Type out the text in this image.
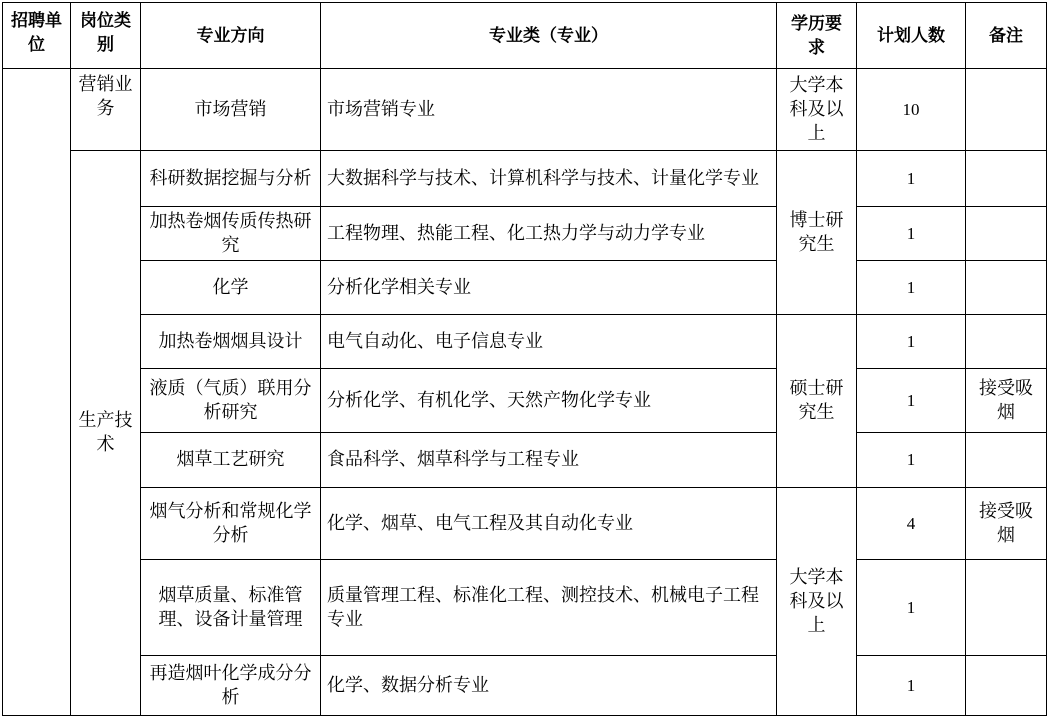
招聘单位	岗位类别	专业方向	专业类（专业）	学历要求	计划人数	备注
	营销业务	市场营销	市场营销专业	大学本科及以上	10	
	生产技术	科研数据挖掘与分析	大数据科学与技术、计算机科学与技术、计量化学专业	博士研究生	1	
		加热卷烟传质传热研究	工程物理、热能工程、化工热力学与动力学专业		1	
		化学	分析化学相关专业		1	
		加热卷烟烟具设计	电气自动化、电子信息专业	硕士研究生	1	
		液质（气质）联用分析研究	分析化学、有机化学、天然产物化学专业		1	接受吸烟
		烟草工艺研究	食品科学、烟草科学与工程专业		1	
		烟气分析和常规化学分析	化学、烟草、电气工程及其自动化专业	大学本科及以上	4	接受吸烟
		烟草质量、标准管理、设备计量管理	质量管理工程、标准化工程、测控技术、机械电子工程专业		1	
		再造烟叶化学成分分析	化学、数据分析专业		1	
